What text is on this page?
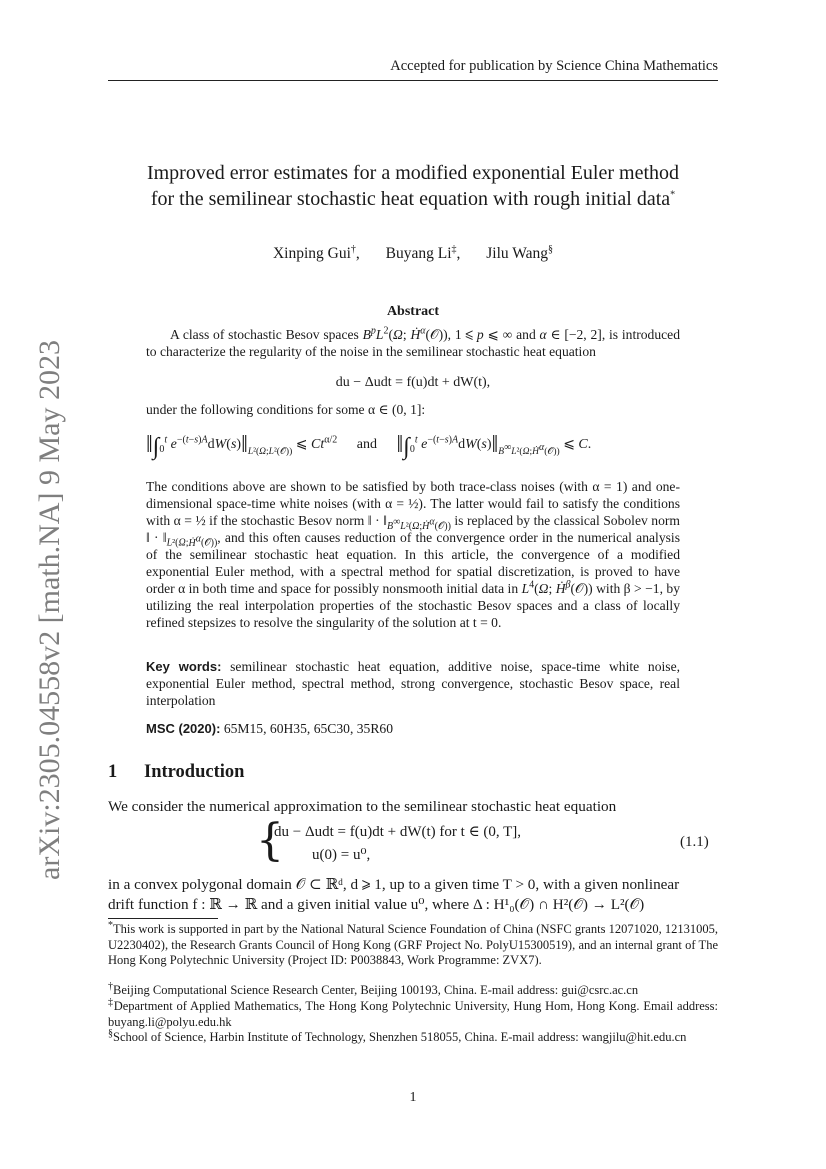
Accepted for publication by Science China Mathematics
arXiv:2305.04558v2 [math.NA] 9 May 2023
Improved error estimates for a modified exponential Euler method
for the semilinear stochastic heat equation with rough initial data*
Xinping Gui†, Buyang Li‡, Jilu Wang§
Abstract
A class of stochastic Besov spaces $B^pL^2(\Omega$; Ḣ$^\alpha$(𝒪)), 1 ⩽ p ⩽ ∞ and α ∈ [−2, 2], is introduced to characterize the regularity of the noise in the semilinear stochastic heat equation
du − Δudt = f(u)dt + dW(t),
under the following conditions for some α ∈ (0, 1]:
$‖\int_0^t$ $e^{-(t-s)A}dW(s)‖_{L^2(\Omega;L^2(𝒪))}$ ⩽ $Ct^{\alpha/2}$ and $‖\int_0^t$ $e^{-(t-s)A}dW(s)‖_{B^\infty L^2(\Omega;Ḣ^\alpha(𝒪))}$ ⩽ C.
The conditions above are shown to be satisfied by both trace-class noises (with α = 1) and one-dimensional space-time white noises (with α = ½). The latter would fail to satisfy the conditions with α = ½ if the stochastic Besov norm ‖ · $‖_{B^\infty L^2(\Omega;Ḣ^\alpha(𝒪))}$ is replaced by the classical Sobolev norm ‖ · $‖_{L^2(\Omega;Ḣ^\alpha(𝒪))}$, and this often causes reduction of the convergence order in the numerical analysis of the semilinear stochastic heat equation. In this article, the convergence of a modified exponential Euler method, with a spectral method for spatial discretization, is proved to have order α in both time and space for possibly nonsmooth initial data in $L^4(\Omega$; Ḣ$^\beta$(𝒪)) with β > −1, by utilizing the real interpolation properties of the stochastic Besov spaces and a class of locally refined stepsizes to resolve the singularity of the solution at t = 0.
Key words: semilinear stochastic heat equation, additive noise, space-time white noise, exponential Euler method, spectral method, strong convergence, stochastic Besov space, real interpolation
MSC (2020): 65M15, 60H35, 65C30, 35R60
1 Introduction
We consider the numerical approximation to the semilinear stochastic heat equation
{
du − Δudt = f(u)dt + dW(t) for t ∈ (0, T],
u(0) = u⁰,
(1.1)
in a convex polygonal domain 𝒪 ⊂ ℝᵈ, d ⩾ 1, up to a given time T > 0, with a given nonlinear
drift function f : ℝ → ℝ and a given initial value u⁰, where Δ : H¹₀(𝒪) ∩ H²(𝒪) → L²(𝒪)
*This work is supported in part by the National Natural Science Foundation of China (NSFC grants 12071020, 12131005, U2230402), the Research Grants Council of Hong Kong (GRF Project No. PolyU15300519), and an internal grant of The Hong Kong Polytechnic University (Project ID: P0038843, Work Programme: ZVX7).
†Beijing Computational Science Research Center, Beijing 100193, China. E-mail address: gui@csrc.ac.cn
‡Department of Applied Mathematics, The Hong Kong Polytechnic University, Hung Hom, Hong Kong. Email address: buyang.li@polyu.edu.hk
§School of Science, Harbin Institute of Technology, Shenzhen 518055, China. E-mail address: wangjilu@hit.edu.cn
1
